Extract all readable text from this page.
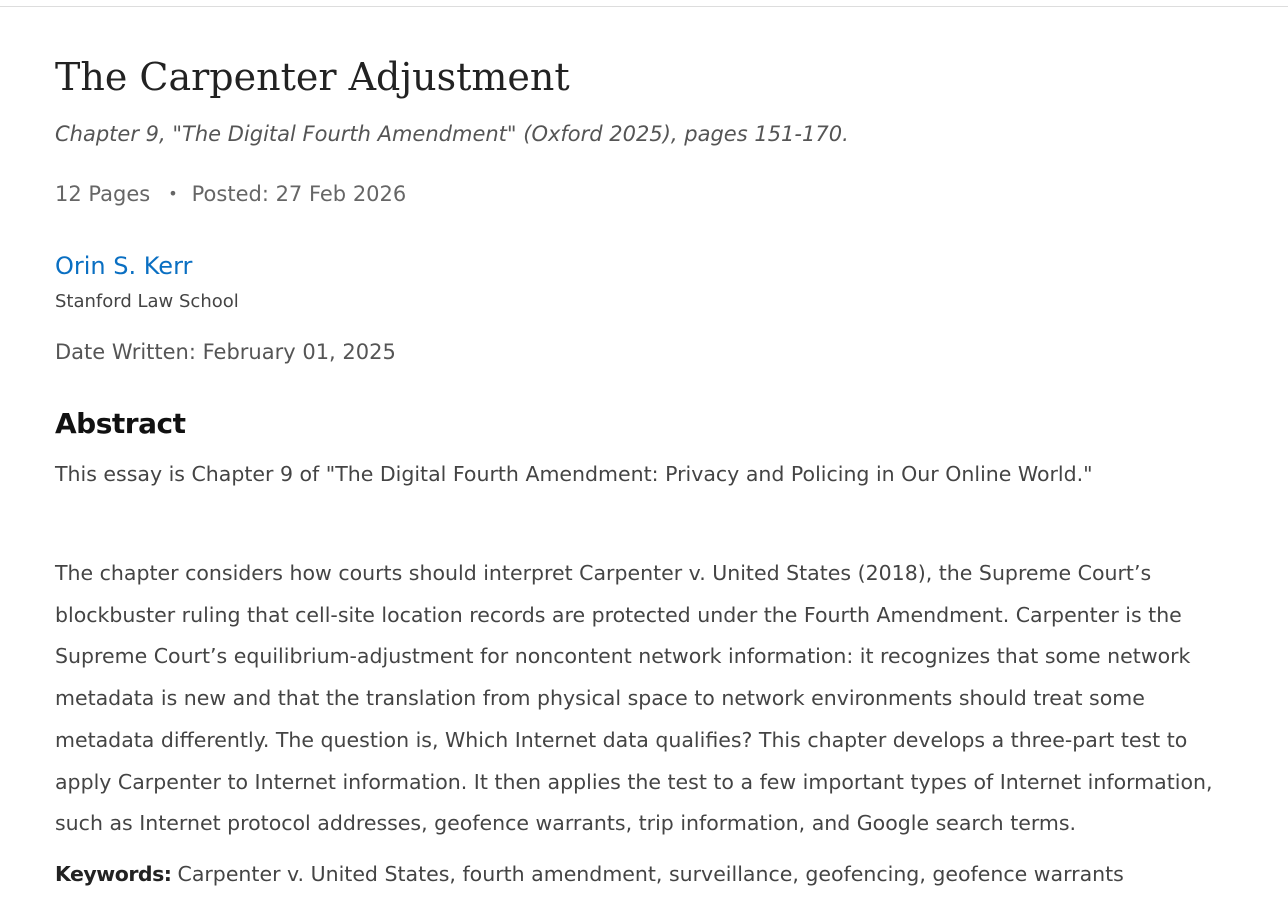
The Carpenter Adjustment
Chapter 9, "The Digital Fourth Amendment" (Oxford 2025), pages 151-170.
12 Pages • Posted: 27 Feb 2026
Orin S. Kerr
Stanford Law School
Date Written: February 01, 2025
Abstract

This essay is Chapter 9 of "The Digital Fourth Amendment: Privacy and Policing in Our Online World."

The chapter considers how courts should interpret Carpenter v. United States (2018), the Supreme Court’s
blockbuster ruling that cell-site location records are protected under the Fourth Amendment. Carpenter is the
Supreme Court’s equilibrium-adjustment for noncontent network information: it recognizes that some network
metadata is new and that the translation from physical space to network environments should treat some
metadata differently. The question is, Which Internet data qualifies? This chapter develops a three-part test to
apply Carpenter to Internet information. It then applies the test to a few important types of Internet information,
such as Internet protocol addresses, geofence warrants, trip information, and Google search terms.

Keywords: Carpenter v. United States, fourth amendment, surveillance, geofencing, geofence warrants
